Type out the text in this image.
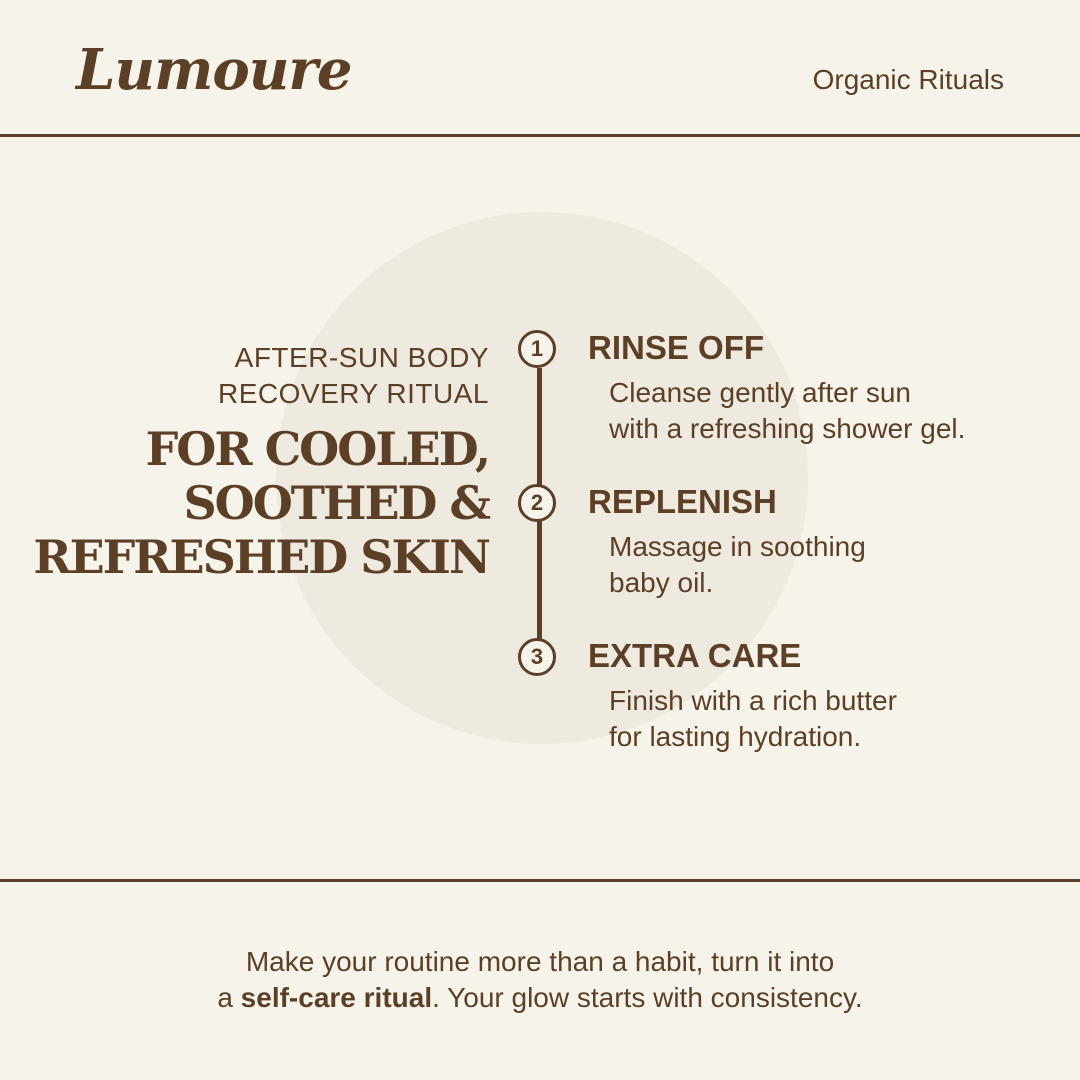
Lumoure	Organic Rituals
AFTER-SUN BODY
RECOVERY RITUAL
FOR COOLED,
SOOTHED &
REFRESHED SKIN
1	RINSE OFF
Cleanse gently after sun
with a refreshing shower gel.
2	REPLENISH
Massage in soothing
baby oil.
3	EXTRA CARE
Finish with a rich butter
for lasting hydration.
Make your routine more than a habit, turn it into
a self-care ritual. Your glow starts with consistency.
